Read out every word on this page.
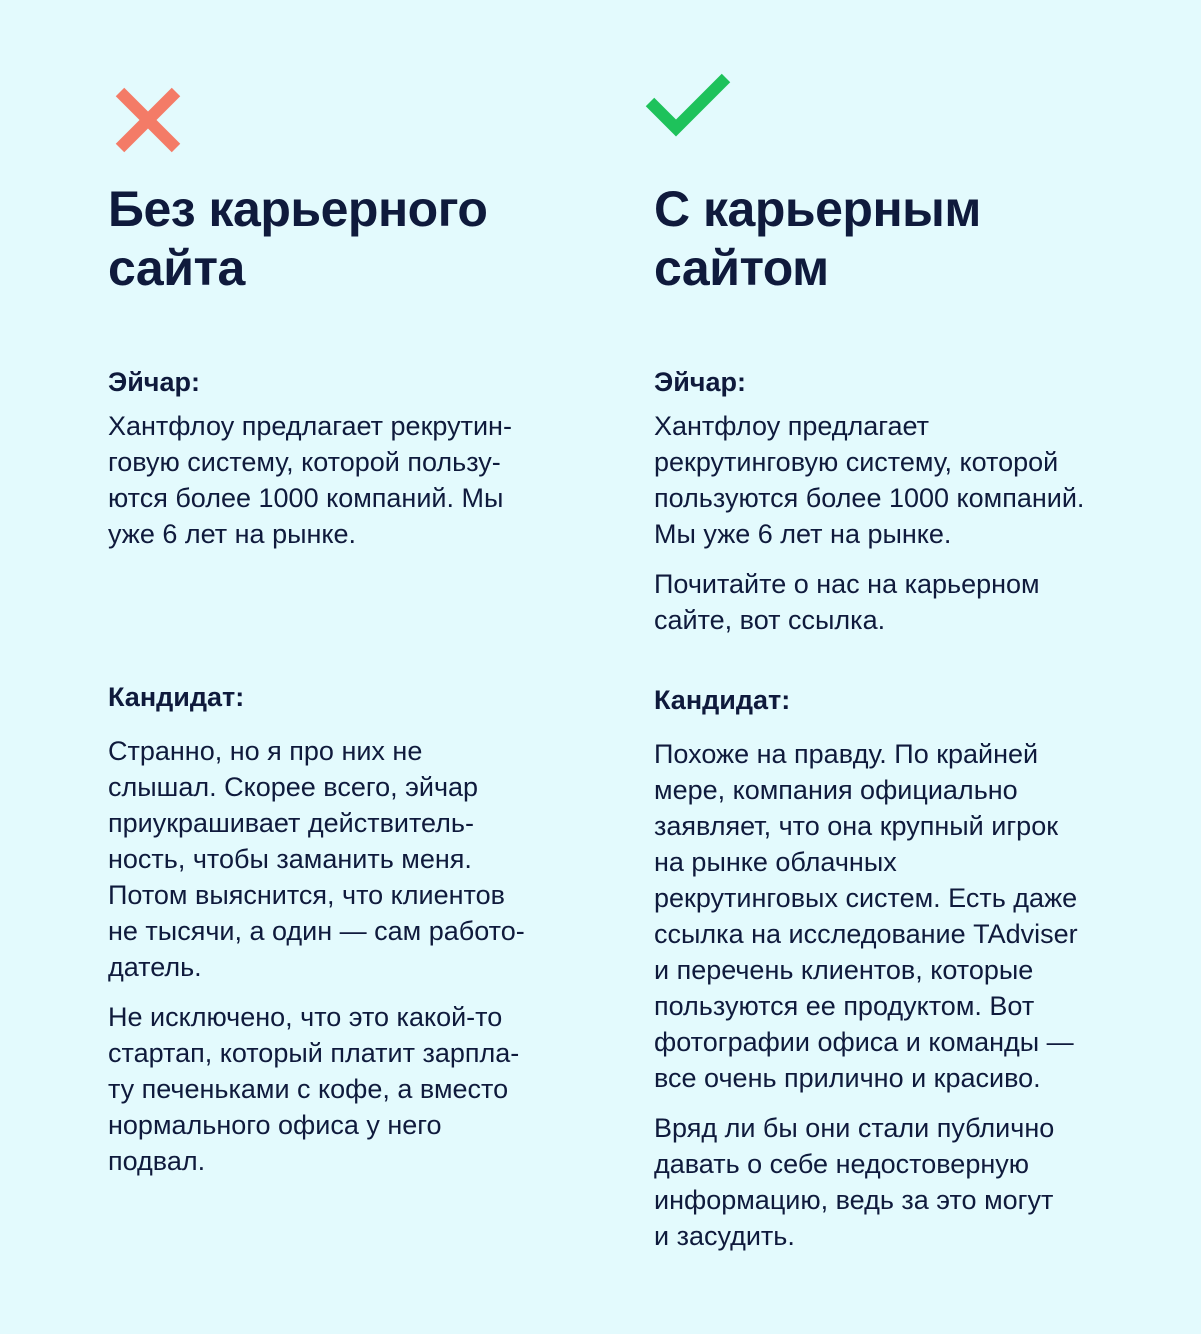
Без карьерного
сайта

Эйчар:

Хантфлоу предлагает рекрутин-
говую систему, которой пользу-
ются более 1000 компаний. Мы
уже 6 лет на рынке.

Кандидат:

Странно, но я про них не
слышал. Скорее всего, эйчар
приукрашивает действитель-
ность, чтобы заманить меня.
Потом выяснится, что клиентов
не тысячи, а один — сам работо-
датель.

Не исключено, что это какой-то
стартап, который платит зарпла-
ту печеньками с кофе, а вместо
нормального офиса у него
подвал.

С карьерным
сайтом

Эйчар:

Хантфлоу предлагает
рекрутинговую систему, которой
пользуются более 1000 компаний.
Мы уже 6 лет на рынке.

Почитайте о нас на карьерном
сайте, вот ссылка.

Кандидат:

Похоже на правду. По крайней
мере, компания официально
заявляет, что она крупный игрок
на рынке облачных
рекрутинговых систем. Есть даже
ссылка на исследование TAdviser
и перечень клиентов, которые
пользуются ее продуктом. Вот
фотографии офиса и команды —
все очень прилично и красиво.

Вряд ли бы они стали публично
давать о себе недостоверную
информацию, ведь за это могут
и засудить.
